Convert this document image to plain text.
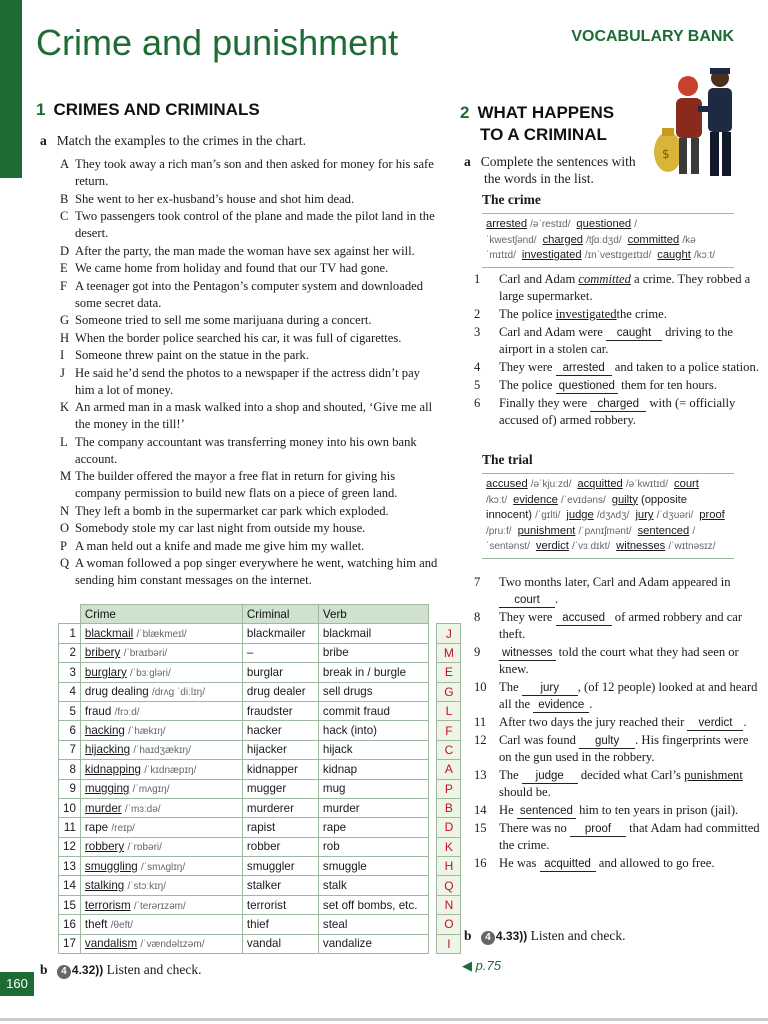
Crime and punishment	VOCABULARY BANK
1 CRIMES AND CRIMINALS
a Match the examples to the crimes in the chart.
A They took away a rich man’s son and then asked for money for his safe return.
B She went to her ex-husband’s house and shot him dead.
C Two passengers took control of the plane and made the pilot land in the desert.
D After the party, the man made the woman have sex against her will.
E We came home from holiday and found that our TV had gone.
F A teenager got into the Pentagon’s computer system and downloaded some secret data.
G Someone tried to sell me some marijuana during a concert.
H When the border police searched his car, it was full of cigarettes.
I Someone threw paint on the statue in the park.
J He said he’d send the photos to a newspaper if the actress didn’t pay him a lot of money.
K An armed man in a mask walked into a shop and shouted, ‘Give me all the money in the till!’
L The company accountant was transferring money into his own bank account.
M The builder offered the mayor a free flat in return for giving his company permission to build new flats on a piece of green land.
N They left a bomb in the supermarket car park which exploded.
O Somebody stole my car last night from outside my house.
P A man held out a knife and made me give him my wallet.
Q A woman followed a pop singer everywhere he went, watching him and sending him constant messages on the internet.
	Crime	Criminal	Verb		
1	blackmail /ˈblækmeɪl/	blackmailer	blackmail		J
2	bribery /ˈbraɪbəri/	–	bribe		M
3	burglary /ˈbɜːgləri/	burglar	break in / burgle		E
4	drug dealing /drʌg ˈdiːlɪŋ/	drug dealer	sell drugs		G
5	fraud /frɔːd/	fraudster	commit fraud		L
6	hacking /ˈhækɪŋ/	hacker	hack (into)		F
7	hijacking /ˈhaɪdʒækɪŋ/	hijacker	hijack		C
8	kidnapping /ˈkɪdnæpɪŋ/	kidnapper	kidnap		A
9	mugging /ˈmʌgɪŋ/	mugger	mug		P
10	murder /ˈmɜːdə/	murderer	murder		B
11	rape /reɪp/	rapist	rape		D
12	robbery /ˈrɒbəri/	robber	rob		K
13	smuggling /ˈsmʌglɪŋ/	smuggler	smuggle		H
14	stalking /ˈstɔːkɪŋ/	stalker	stalk		Q
15	terrorism /ˈterərɪzəm/	terrorist	set off bombs, etc.		N
16	theft /θeft/	thief	steal		O
17	vandalism /ˈvændəlɪzəm/	vandal	vandalize		I
b 4 4.32)) Listen and check.
2 WHAT HAPPENS
TO A CRIMINAL
$
a Complete the sentences with
the words in the list.
The crime
arrested /əˈrestɪd/ questioned /ˈkwestʃənd/ charged /tʃɑːdʒd/ committed /kəˈmɪtɪd/ investigated /ɪnˈvestɪgeɪtɪd/ caught /kɔːt/
1	Carl and Adam committed a crime. They robbed a large supermarket.
2	The police investigatedthe crime.
3	Carl and Adam were caught driving to the airport in a stolen car.
4	They were arrested and taken to a police station.
5	The police questioned them for ten hours.
6	Finally they were charged with (= officially accused of) armed robbery.
The trial
accused /əˈkjuːzd/ acquitted /əˈkwɪtɪd/ court /kɔːt/ evidence /ˈevɪdəns/ guilty (opposite innocent) /ˈgɪlti/ judge /dʒʌdʒ/ jury /ˈdʒʊəri/ proof /pruːf/ punishment /ˈpʌnɪʃmənt/ sentenced /ˈsentənst/ verdict /ˈvɜːdɪkt/ witnesses /ˈwɪtnəsɪz/
7	Two months later, Carl and Adam appeared in court .
8	They were accused of armed robbery and car theft.
9	witnesses told the court what they had seen or knew.
10 The jury , (of 12 people) looked at and heard all the evidence .
11	After two days the jury reached their verdict .
12 Carl was found gulty . His fingerprints were on the gun used in the robbery.
13 The judge decided what Carl’s punishment should be.
14 He sentenced him to ten years in prison (jail).
15 There was no proof that Adam had committed the crime.
16 He was acquitted and allowed to go free.
b 4 4.33)) Listen and check.
◀ p.75
160
